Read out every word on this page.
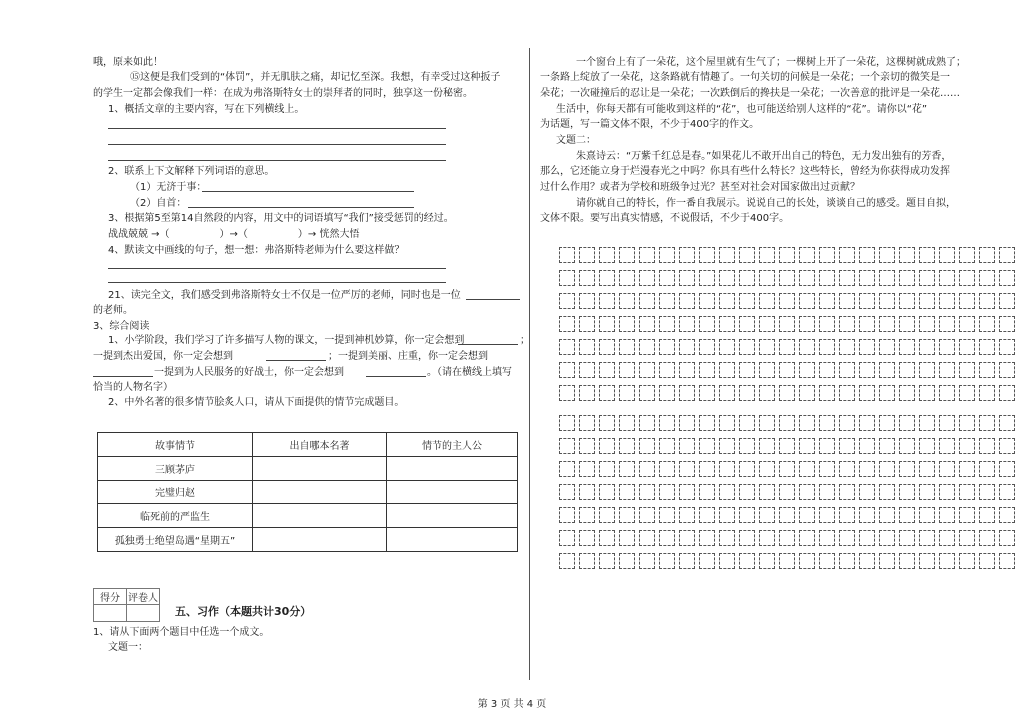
哦，原来如此！
⑮这便是我们受到的“体罚”，并无肌肤之痛，却记忆至深。我想，有幸受过这种扳子
的学生一定都会像我们一样：在成为弗洛斯特女士的崇拜者的同时，独享这一份秘密。
1、概括文章的主要内容，写在下列横线上。
2、联系上下文解释下列词语的意思。
（1）无济于事：
（2）自首：
3、根据第5至第14自然段的内容，用文中的词语填写“我们”接受惩罚的经过。
战战兢兢 →（　　　　　）→（　　　　　）→ 恍然大悟
4、默读文中画线的句子，想一想：弗洛斯特老师为什么要这样做？
21、读完全文，我们感受到弗洛斯特女士不仅是一位严厉的老师，同时也是一位
的老师。
3、综合阅读
1、小学阶段，我们学习了许多描写人物的课文，一提到神机妙算，你一定会想到	；
一提到杰出爱国，你一定会想到	；一提到美丽、庄重，你一定会想到
一提到为人民服务的好战士，你一定会想到	。（请在横线上填写
恰当的人物名字）
2、中外名著的很多情节脍炙人口，请从下面提供的情节完成题目。
故事情节	出自哪本名著	情节的主人公
三顾茅庐		
完璧归赵		
临死前的严监生		
孤独勇士绝望岛遇“星期五”		
得分	评卷人

五、习作（本题共计30分）
1、请从下面两个题目中任选一个成文。
文题一：
一个窗台上有了一朵花，这个屋里就有生气了；一棵树上开了一朵花，这棵树就成熟了；
一条路上绽放了一朵花，这条路就有情趣了。一句关切的问候是一朵花；一个亲切的微笑是一
朵花；一次碰撞后的忍让是一朵花；一次跌倒后的搀扶是一朵花；一次善意的批评是一朵花……
生活中，你每天都有可能收到这样的“花”，也可能送给别人这样的“花”。请你以“花”
为话题，写一篇文体不限，不少于400字的作文。
文题二：
朱熹诗云：“万紫千红总是春。”如果花儿不敢开出自己的特色，无力发出独有的芳香，
那么，它还能立身于烂漫春光之中吗？你具有些什么特长？这些特长，曾经为你获得成功发挥
过什么作用？或者为学校和班级争过光？甚至对社会对国家做出过贡献？
请你就自己的特长，作一番自我展示。说说自己的长处，谈谈自己的感受。题目自拟，
文体不限。要写出真实情感，不说假话，不少于400字。
第 3 页 共 4 页
